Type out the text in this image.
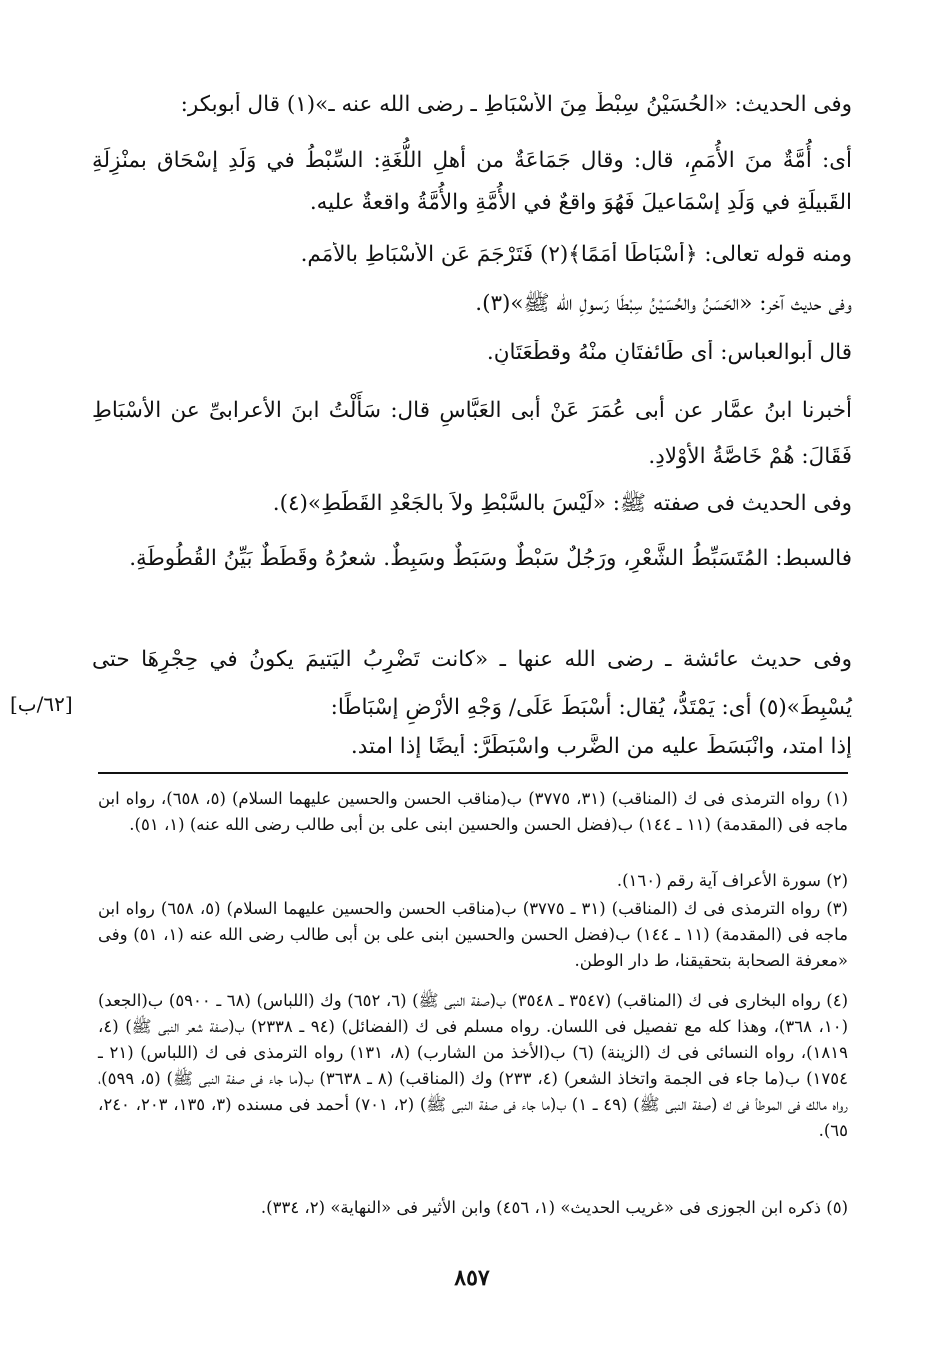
وفى الحديث: «الحُسَيْنُ سِبْطٌ مِنَ الأَسْبَاطِ ـ رضى الله عنه ـ»(١) قال أبوبكر:
أى: أُمَّةٌ منَ الأُمَمِ، قال: وقال جَمَاعَةٌ من أهلِ اللُّغَةِ: السِّبْطُ في وَلَدِ إسْحَاق بمنْزِلَةِ القَبيلَةِ في وَلَدِ إسْمَاعيلَ فَهُوَ واقعٌ في الأُمَّةِ والأُمَّةُ واقعةٌ عليه.
ومنه قوله تعالى: ﴿أَسْبَاطًا أُمَمًا﴾(٢) فَتَرْجَمَ عَنِ الأسْبَاطِ بالأُمَمِ.
وفى حديث آخر: «الحَسَنُ والحُسَيْنُ سِبْطَا رَسولِ الله ﷺ»(٣).
قال أبوالعباس: أى طَائفتَانِ منْهُ وقطْعَتَانِ.
أخبرنا ابنُ عمَّار عن أبى عُمَرَ عَنْ أبى العَبَّاسِ قال: سَأَلْتُ ابنَ الأعرابىِّ عن الأسْبَاطِ فَقَالَ: هُمْ خَاصَّةُ الأوْلادِ.
وفى الحديث فى صفته ﷺ: «لَيْسَ بالسَّبْطِ ولاَ بالجَعْدِ القَطَطِ»(٤).
فالسبط: المُتَسَبِّطُ الشَّعْرِ، ورَجُلٌ سَبْطٌ وسَبَطٌ وسَبِطٌ. شعرُهُ وقَطَطٌ بَيِّنُ القُطُوطَةِ.
وفى حديث عائشة ـ رضى الله عنها ـ «كانت تَضْرِبُ اليَتيمَ يكونُ في حِجْرِهَا حتى يُسْبِطَ»(٥) أى: يَمْتَدُّ، يُقال: أسْبَطَ عَلَى/ وَجْهِ الأرْضِ إسْبَاطًا:
إذا امتد، وانْبَسَطَ عليه من الضَّرب واسْبَطَرَّ: أيضًا إذا امتد.
[٦٢/ب]
(١) رواه الترمذى فى ك (المناقب) (٣١، ٣٧٧٥) ب(مناقب الحسن والحسين عليهما السلام) (٥، ٦٥٨)، رواه ابن ماجه فى (المقدمة) (١١ ـ ١٤٤) ب(فضل الحسن والحسين ابنى على بن أبى طالب رضى الله عنه) (١، ٥١).
(٢) سورة الأعراف آية رقم (١٦٠).
(٣) رواه الترمذى فى ك (المناقب) (٣١ ـ ٣٧٧٥) ب(مناقب الحسن والحسين عليهما السلام) (٥، ٦٥٨) رواه ابن ماجه فى (المقدمة) (١١ ـ ١٤٤) ب(فضل الحسن والحسين ابنى على بن أبى طالب رضى الله عنه (١، ٥١) وفى «معرفة الصحابة بتحقيقنا، ط دار الوطن.
(٤) رواه البخارى فى ك (المناقب) (٣٥٤٧ ـ ٣٥٤٨) ب(صفة النبى ﷺ) (٦، ٦٥٢) وك (اللباس) (٦٨ ـ ٥٩٠٠) ب(الجعد) (١٠، ٣٦٨)، وهذا كله مع تفصيل فى اللسان. رواه مسلم فى ك (الفضائل) (٩٤ ـ ٢٣٣٨) ب(صفة شعر النبى ﷺ) (٤، ١٨١٩)، رواه النسائى فى ك (الزينة) (٦) ب(الأخذ من الشارب) (٨، ١٣١) رواه الترمذى فى ك (اللباس) (٢١ ـ ١٧٥٤) ب(ما جاء فى الجمة واتخاذ الشعر) (٤، ٢٣٣) وك (المناقب) (٨ ـ ٣٦٣٨) ب(ما جاء فى صفة النبى ﷺ) (٥، ٥٩٩)، رواه مالك فى الموطأ فى ك (صفة النبى ﷺ) (٤٩ ـ ١) ب(ما جاء فى صفة النبى ﷺ) (٢، ٧٠١) أحمد فى مسنده (٣، ١٣٥، ٢٠٣، ٢٤٠، ٦٥).
(٥) ذكره ابن الجوزى فى «غريب الحديث» (١، ٤٥٦) وابن الأثير فى «النهاية» (٢، ٣٣٤).
٨٥٧
